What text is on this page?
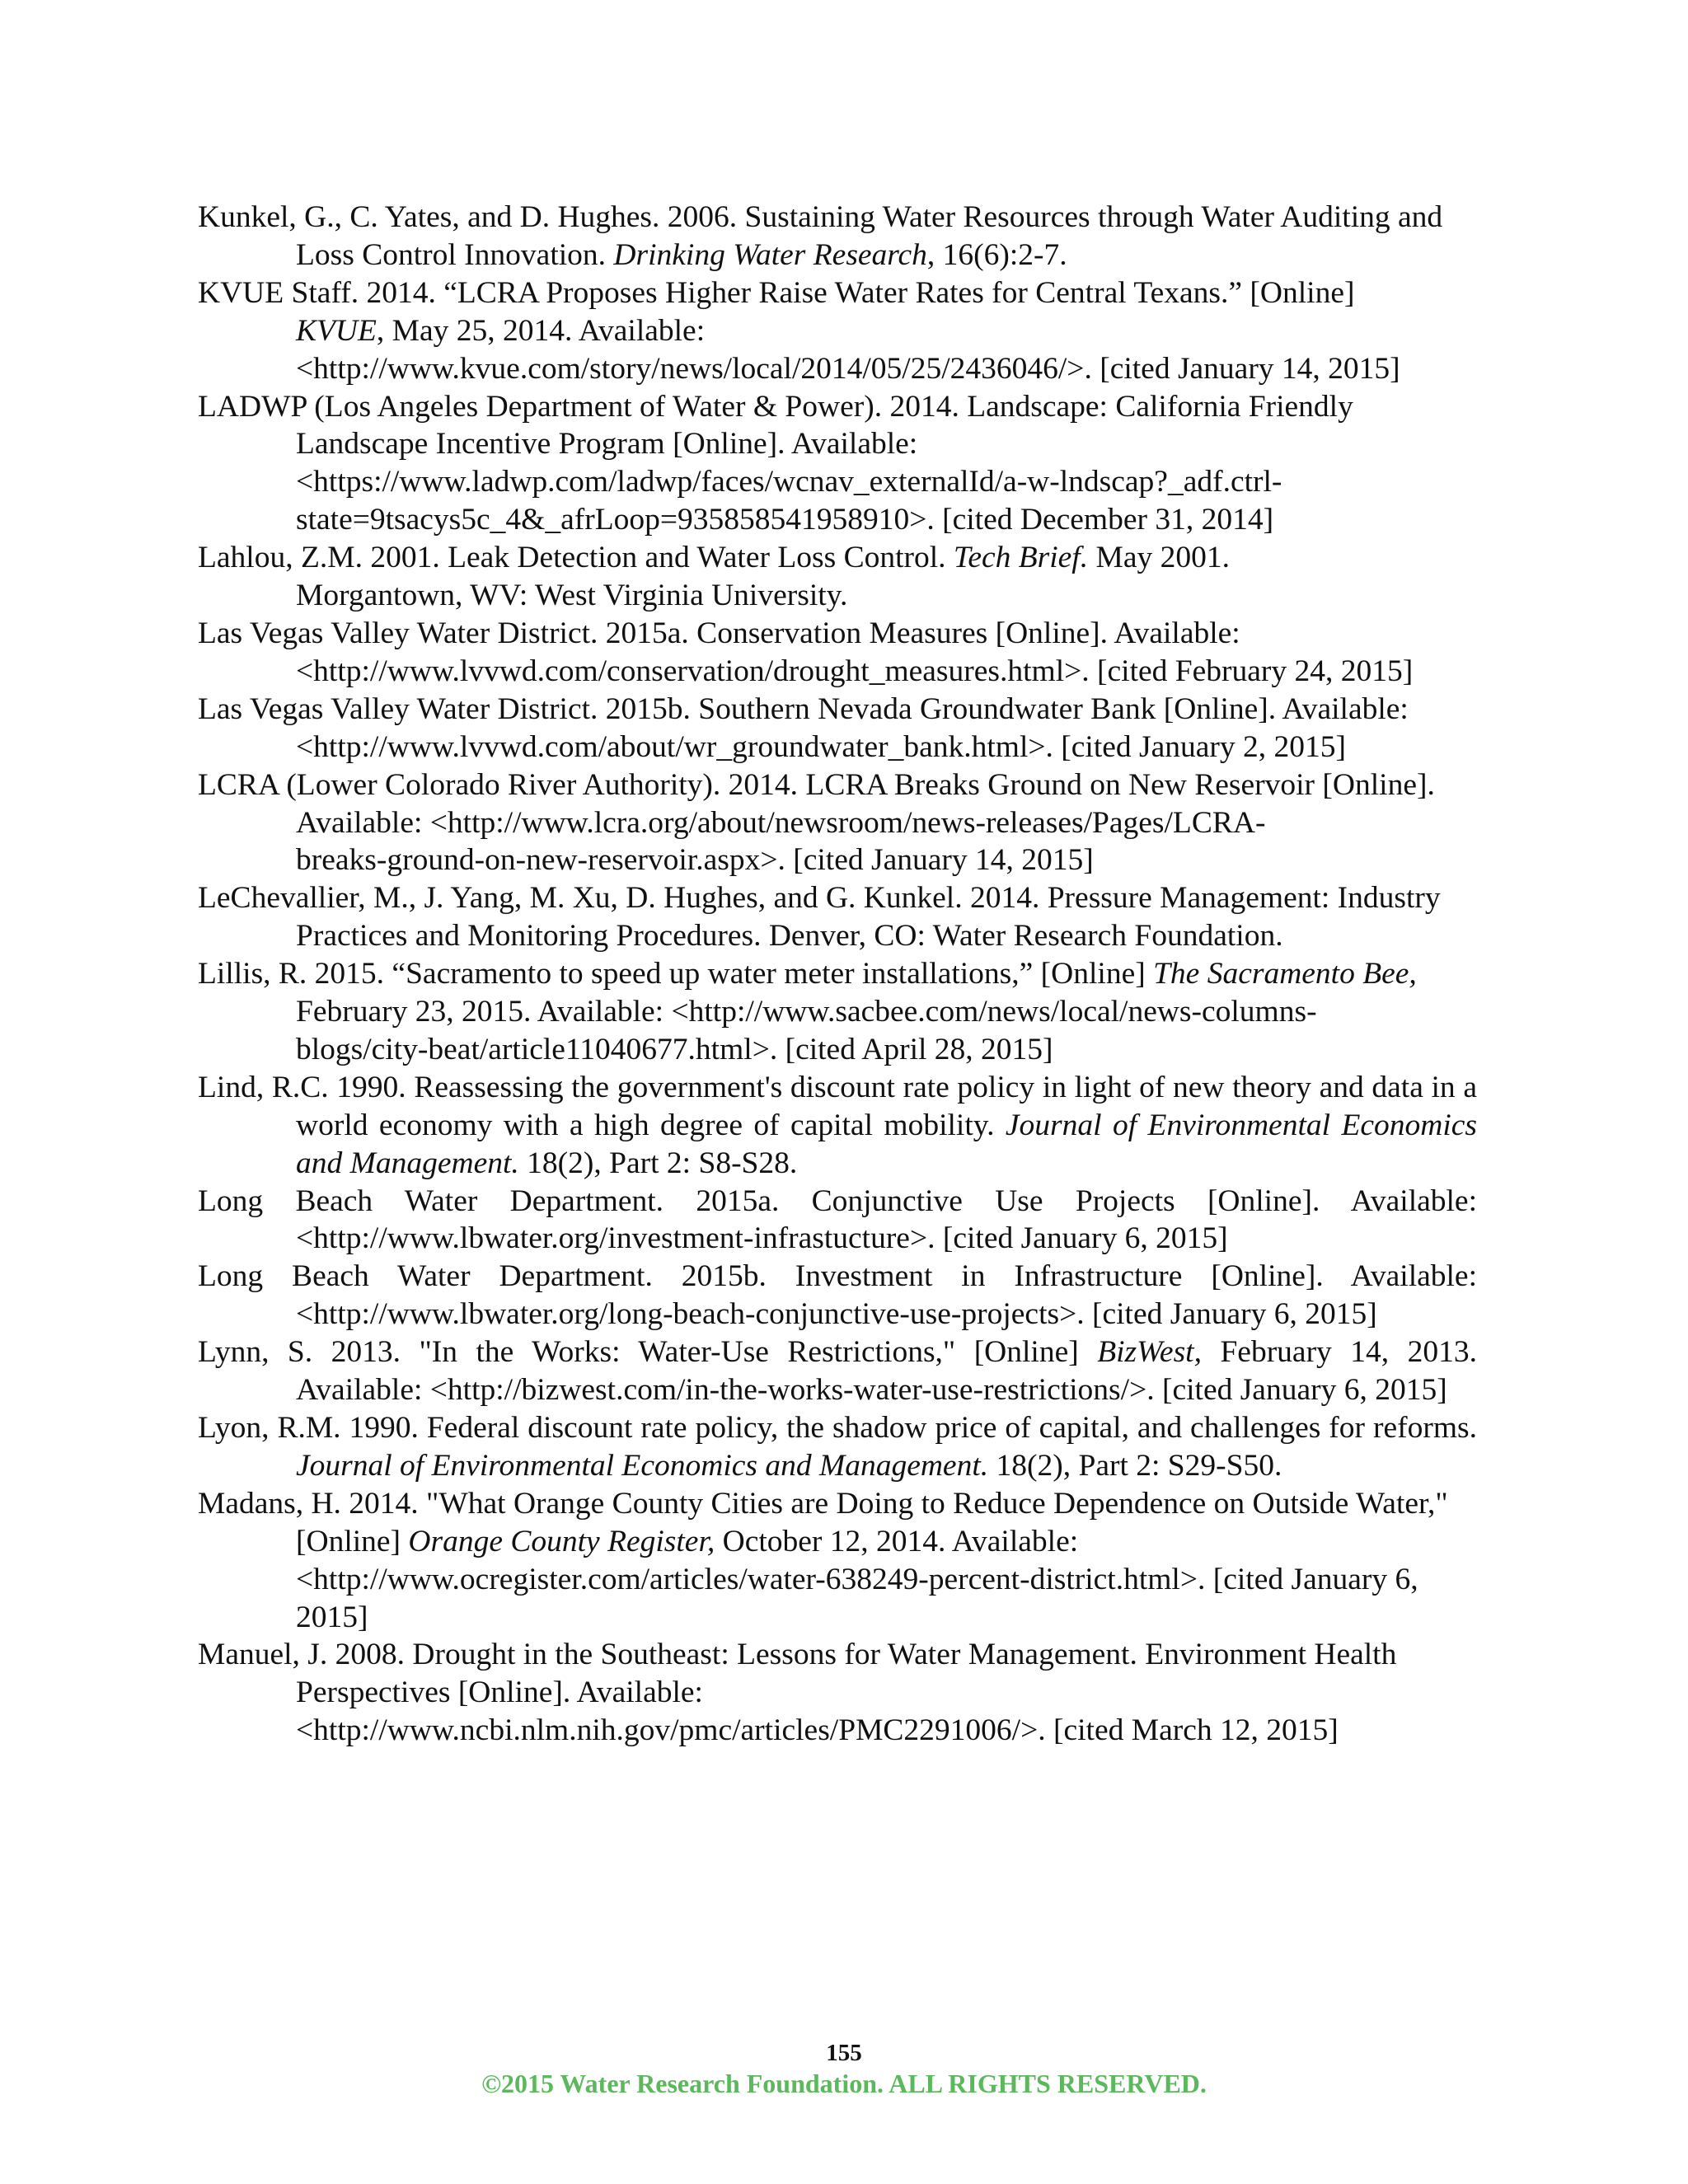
Kunkel, G., C. Yates, and D. Hughes. 2006. Sustaining Water Resources through Water Auditing and Loss Control Innovation. Drinking Water Research, 16(6):2-7.

KVUE Staff. 2014. “LCRA Proposes Higher Raise Water Rates for Central Texans.” [Online]
KVUE, May 25, 2014. Available:
<http://www.kvue.com/story/news/local/2014/05/25/2436046/>. [cited January 14, 2015]

LADWP (Los Angeles Department of Water & Power). 2014. Landscape: California Friendly Landscape Incentive Program [Online]. Available:
<https://www.ladwp.com/ladwp/faces/wcnav_externalId/a-w-lndscap?_adf.ctrl-
state=9tsacys5c_4&_afrLoop=935858541958910>. [cited December 31, 2014]

Lahlou, Z.M. 2001. Leak Detection and Water Loss Control. Tech Brief. May 2001.
Morgantown, WV: West Virginia University.

Las Vegas Valley Water District. 2015a. Conservation Measures [Online]. Available:
<http://www.lvvwd.com/conservation/drought_measures.html>. [cited February 24, 2015]

Las Vegas Valley Water District. 2015b. Southern Nevada Groundwater Bank [Online]. Available: <http://www.lvvwd.com/about/wr_groundwater_bank.html>. [cited January 2, 2015]

LCRA (Lower Colorado River Authority). 2014. LCRA Breaks Ground on New Reservoir [Online]. Available: <http://www.lcra.org/about/newsroom/news-releases/Pages/LCRA-
breaks-ground-on-new-reservoir.aspx>. [cited January 14, 2015]

LeChevallier, M., J. Yang, M. Xu, D. Hughes, and G. Kunkel. 2014. Pressure Management: Industry Practices and Monitoring Procedures. Denver, CO: Water Research Foundation.

Lillis, R. 2015. “Sacramento to speed up water meter installations,” [Online] The Sacramento Bee, February 23, 2015. Available: <http://www.sacbee.com/news/local/news-columns-
blogs/city-beat/article11040677.html>. [cited April 28, 2015]

Lind, R.C. 1990. Reassessing the government's discount rate policy in light of new theory and data in a world economy with a high degree of capital mobility. Journal of Environmental Economics and Management. 18(2), Part 2: S8-S28.

Long Beach Water Department. 2015a. Conjunctive Use Projects [Online]. Available: <http://www.lbwater.org/investment-infrastucture>. [cited January 6, 2015]

Long Beach Water Department. 2015b. Investment in Infrastructure [Online]. Available: <http://www.lbwater.org/long-beach-conjunctive-use-projects>. [cited January 6, 2015]

Lynn, S. 2013. "In the Works: Water-Use Restrictions," [Online] BizWest, February 14, 2013. Available: <http://bizwest.com/in-the-works-water-use-restrictions/>. [cited January 6, 2015]

Lyon, R.M. 1990. Federal discount rate policy, the shadow price of capital, and challenges for reforms. Journal of Environmental Economics and Management. 18(2), Part 2: S29-S50.

Madans, H. 2014. "What Orange County Cities are Doing to Reduce Dependence on Outside Water," [Online] Orange County Register, October 12, 2014. Available:
<http://www.ocregister.com/articles/water-638249-percent-district.html>. [cited January 6, 2015]

Manuel, J. 2008. Drought in the Southeast: Lessons for Water Management. Environment Health Perspectives [Online]. Available:
<http://www.ncbi.nlm.nih.gov/pmc/articles/PMC2291006/>. [cited March 12, 2015]

155
©2015 Water Research Foundation. ALL RIGHTS RESERVED.
